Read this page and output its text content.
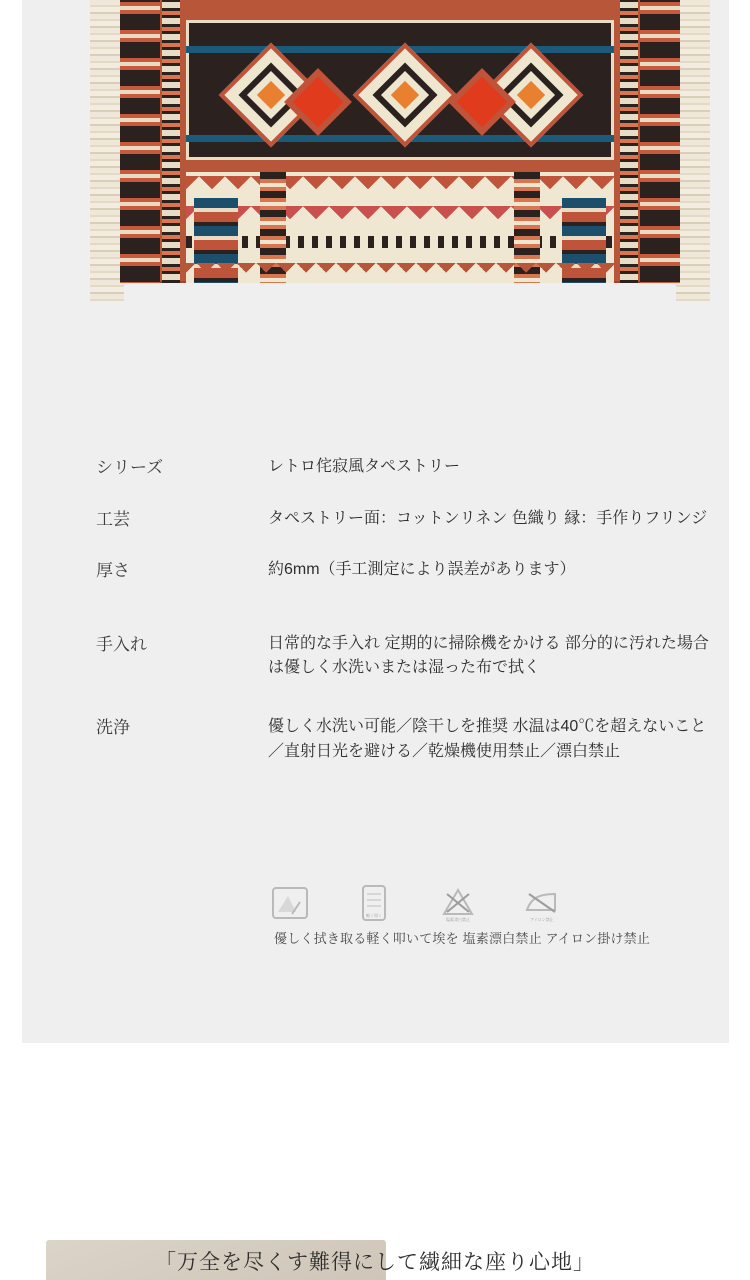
シリーズ	レトロ侘寂風タペストリー
工芸	タペストリー面：コットンリネン 色織り 縁：手作りフリンジ
厚さ	約6mm（手工測定により誤差があります）
手入れ	日常的な手入れ 定期的に掃除機をかける 部分的に汚れた場合は優しく水洗いまたは湿った布で拭く
洗浄	優しく水洗い可能／陰干しを推奨 水温は40℃を超えないこと／直射日光を避ける／乾燥機使用禁止／漂白禁止
軽く叩く
塩素漂白禁止	アイロン禁止
優しく拭き取る軽く叩いて埃を 塩素漂白禁止 アイロン掛け禁止
「万全を尽くす難得にして繊細な座り心地」
